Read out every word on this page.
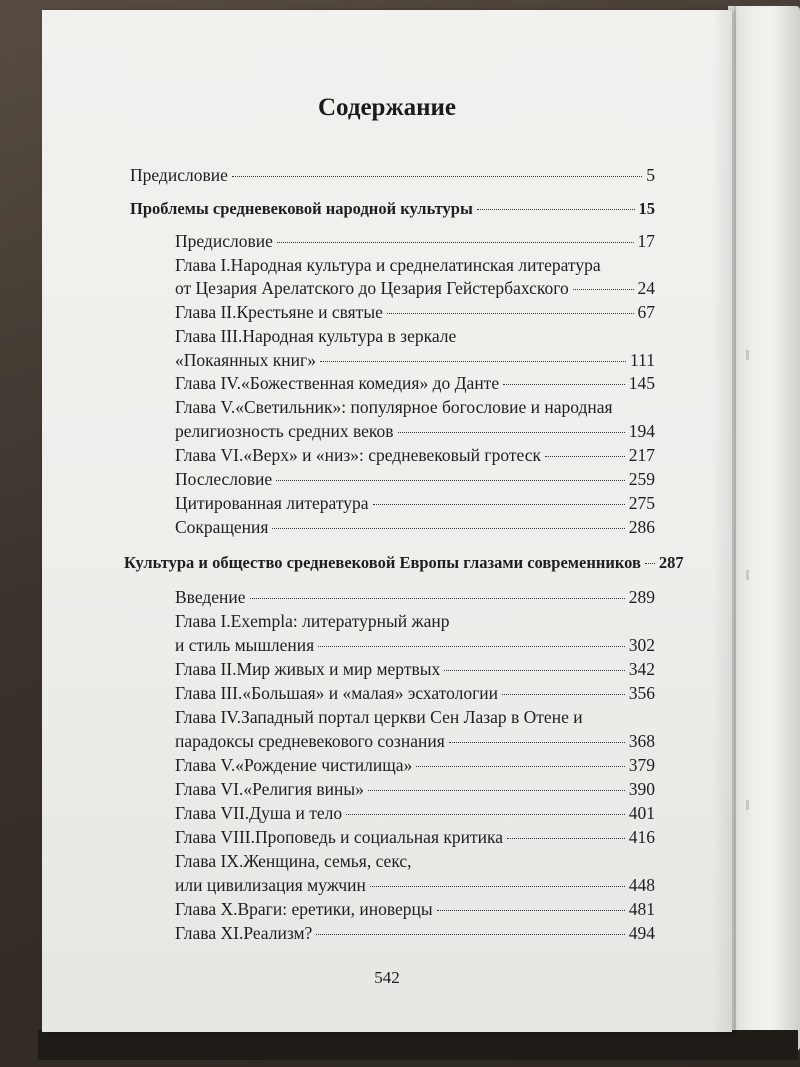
Содержание
Предисловие	5
Проблемы средневековой народной культуры	15
Предисловие	17
Глава I.Народная культура и среднелатинская литература
от Цезария Арелатского до Цезария Гейстербахского	24
Глава II.Крестьяне и святые	67
Глава III.Народная культура в зеркале
«Покаянных книг»	111
Глава IV.«Божественная комедия» до Данте	145
Глава V.«Светильник»: популярное богословие и народная
религиозность средних веков	194
Глава VI.«Верх» и «низ»: средневековый гротеск	217
Послесловие	259
Цитированная литература	275
Сокращения	286
Культура и общество средневековой Европы глазами современников 287
Введение	289
Глава I.Exempla: литературный жанр
и стиль мышления	302
Глава II.Мир живых и мир мертвых	342
Глава III.«Большая» и «малая» эсхатологии	356
Глава IV.Западный портал церкви Сен Лазар в Отене и
парадоксы средневекового сознания	368
Глава V.«Рождение чистилища»	379
Глава VI.«Религия вины»	390
Глава VII.Душа и тело	401
Глава VIII.Проповедь и социальная критика	416
Глава IX.Женщина, семья, секс,
или цивилизация мужчин	448
Глава X.Враги: еретики, иноверцы	481
Глава XI.Реализм?	494
542
